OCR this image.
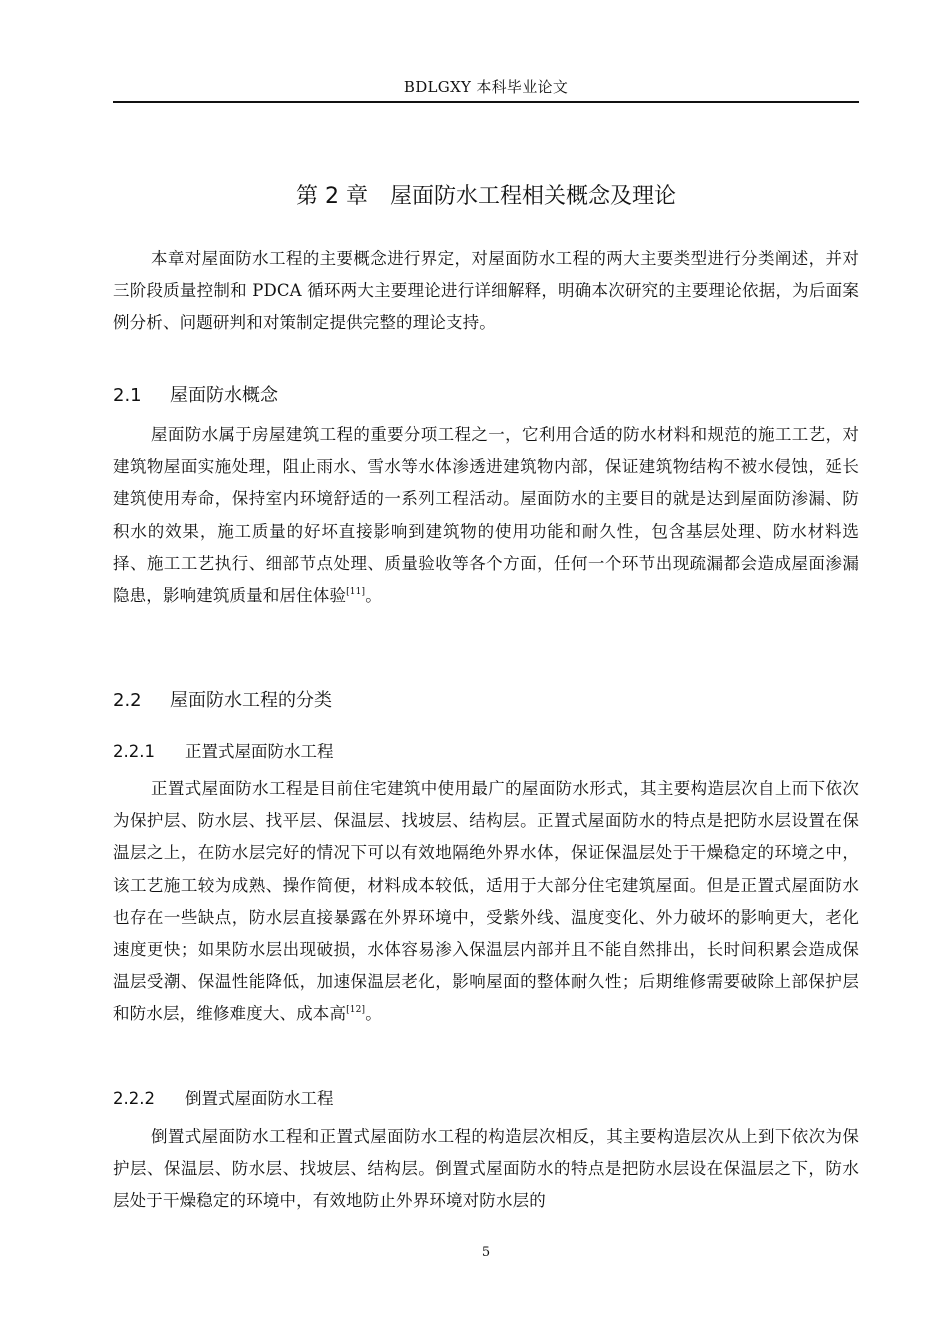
BDLGXY 本科毕业论文
第 2 章 屋面防水工程相关概念及理论

本章对屋面防水工程的主要概念进行界定，对屋面防水工程的两大主要类型进行分类阐述，并对三阶段质量控制和 PDCA 循环两大主要理论进行详细解释，明确本次研究的主要理论依据，为后面案例分析、问题研判和对策制定提供完整的理论支持。

2.1 屋面防水概念

屋面防水属于房屋建筑工程的重要分项工程之一，它利用合适的防水材料和规范的施工工艺，对建筑物屋面实施处理，阻止雨水、雪水等水体渗透进建筑物内部，保证建筑物结构不被水侵蚀，延长建筑使用寿命，保持室内环境舒适的一系列工程活动。屋面防水的主要目的就是达到屋面防渗漏、防积水的效果，施工质量的好坏直接影响到建筑物的使用功能和耐久性，包含基层处理、防水材料选择、施工工艺执行、细部节点处理、质量验收等各个方面，任何一个环节出现疏漏都会造成屋面渗漏隐患，影响建筑质量和居住体验[11]。

2.2 屋面防水工程的分类
2.2.1 正置式屋面防水工程

正置式屋面防水工程是目前住宅建筑中使用最广的屋面防水形式，其主要构造层次自上而下依次为保护层、防水层、找平层、保温层、找坡层、结构层。正置式屋面防水的特点是把防水层设置在保温层之上，在防水层完好的情况下可以有效地隔绝外界水体，保证保温层处于干燥稳定的环境之中，该工艺施工较为成熟、操作简便，材料成本较低，适用于大部分住宅建筑屋面。但是正置式屋面防水也存在一些缺点，防水层直接暴露在外界环境中，受紫外线、温度变化、外力破坏的影响更大，老化速度更快；如果防水层出现破损，水体容易渗入保温层内部并且不能自然排出，长时间积累会造成保温层受潮、保温性能降低，加速保温层老化，影响屋面的整体耐久性；后期维修需要破除上部保护层和防水层，维修难度大、成本高[12]。

2.2.2 倒置式屋面防水工程

倒置式屋面防水工程和正置式屋面防水工程的构造层次相反，其主要构造层次从上到下依次为保护层、保温层、防水层、找坡层、结构层。倒置式屋面防水的特点是把防水层设在保温层之下，防水层处于干燥稳定的环境中，有效地防止外界环境对防水层的

5
